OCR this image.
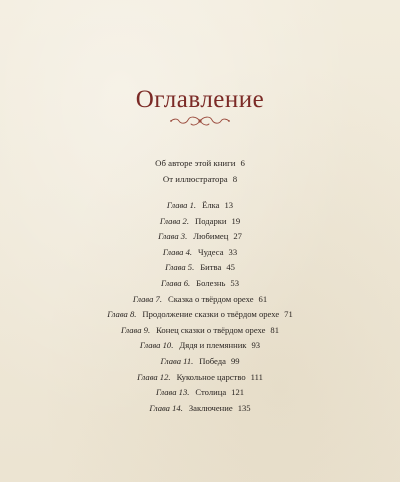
Оглавление
Об авторе этой книги 6
От иллюстратора 8
Глава 1. Ёлка 13
Глава 2. Подарки 19
Глава 3. Любимец 27
Глава 4. Чудеса 33
Глава 5. Битва 45
Глава 6. Болезнь 53
Глава 7. Сказка о твёрдом орехе 61
Глава 8. Продолжение сказки о твёрдом орехе 71
Глава 9. Конец сказки о твёрдом орехе 81
Глава 10. Дядя и племянник 93
Глава 11. Победа 99
Глава 12. Кукольное царство 111
Глава 13. Столица 121
Глава 14. Заключение 135
